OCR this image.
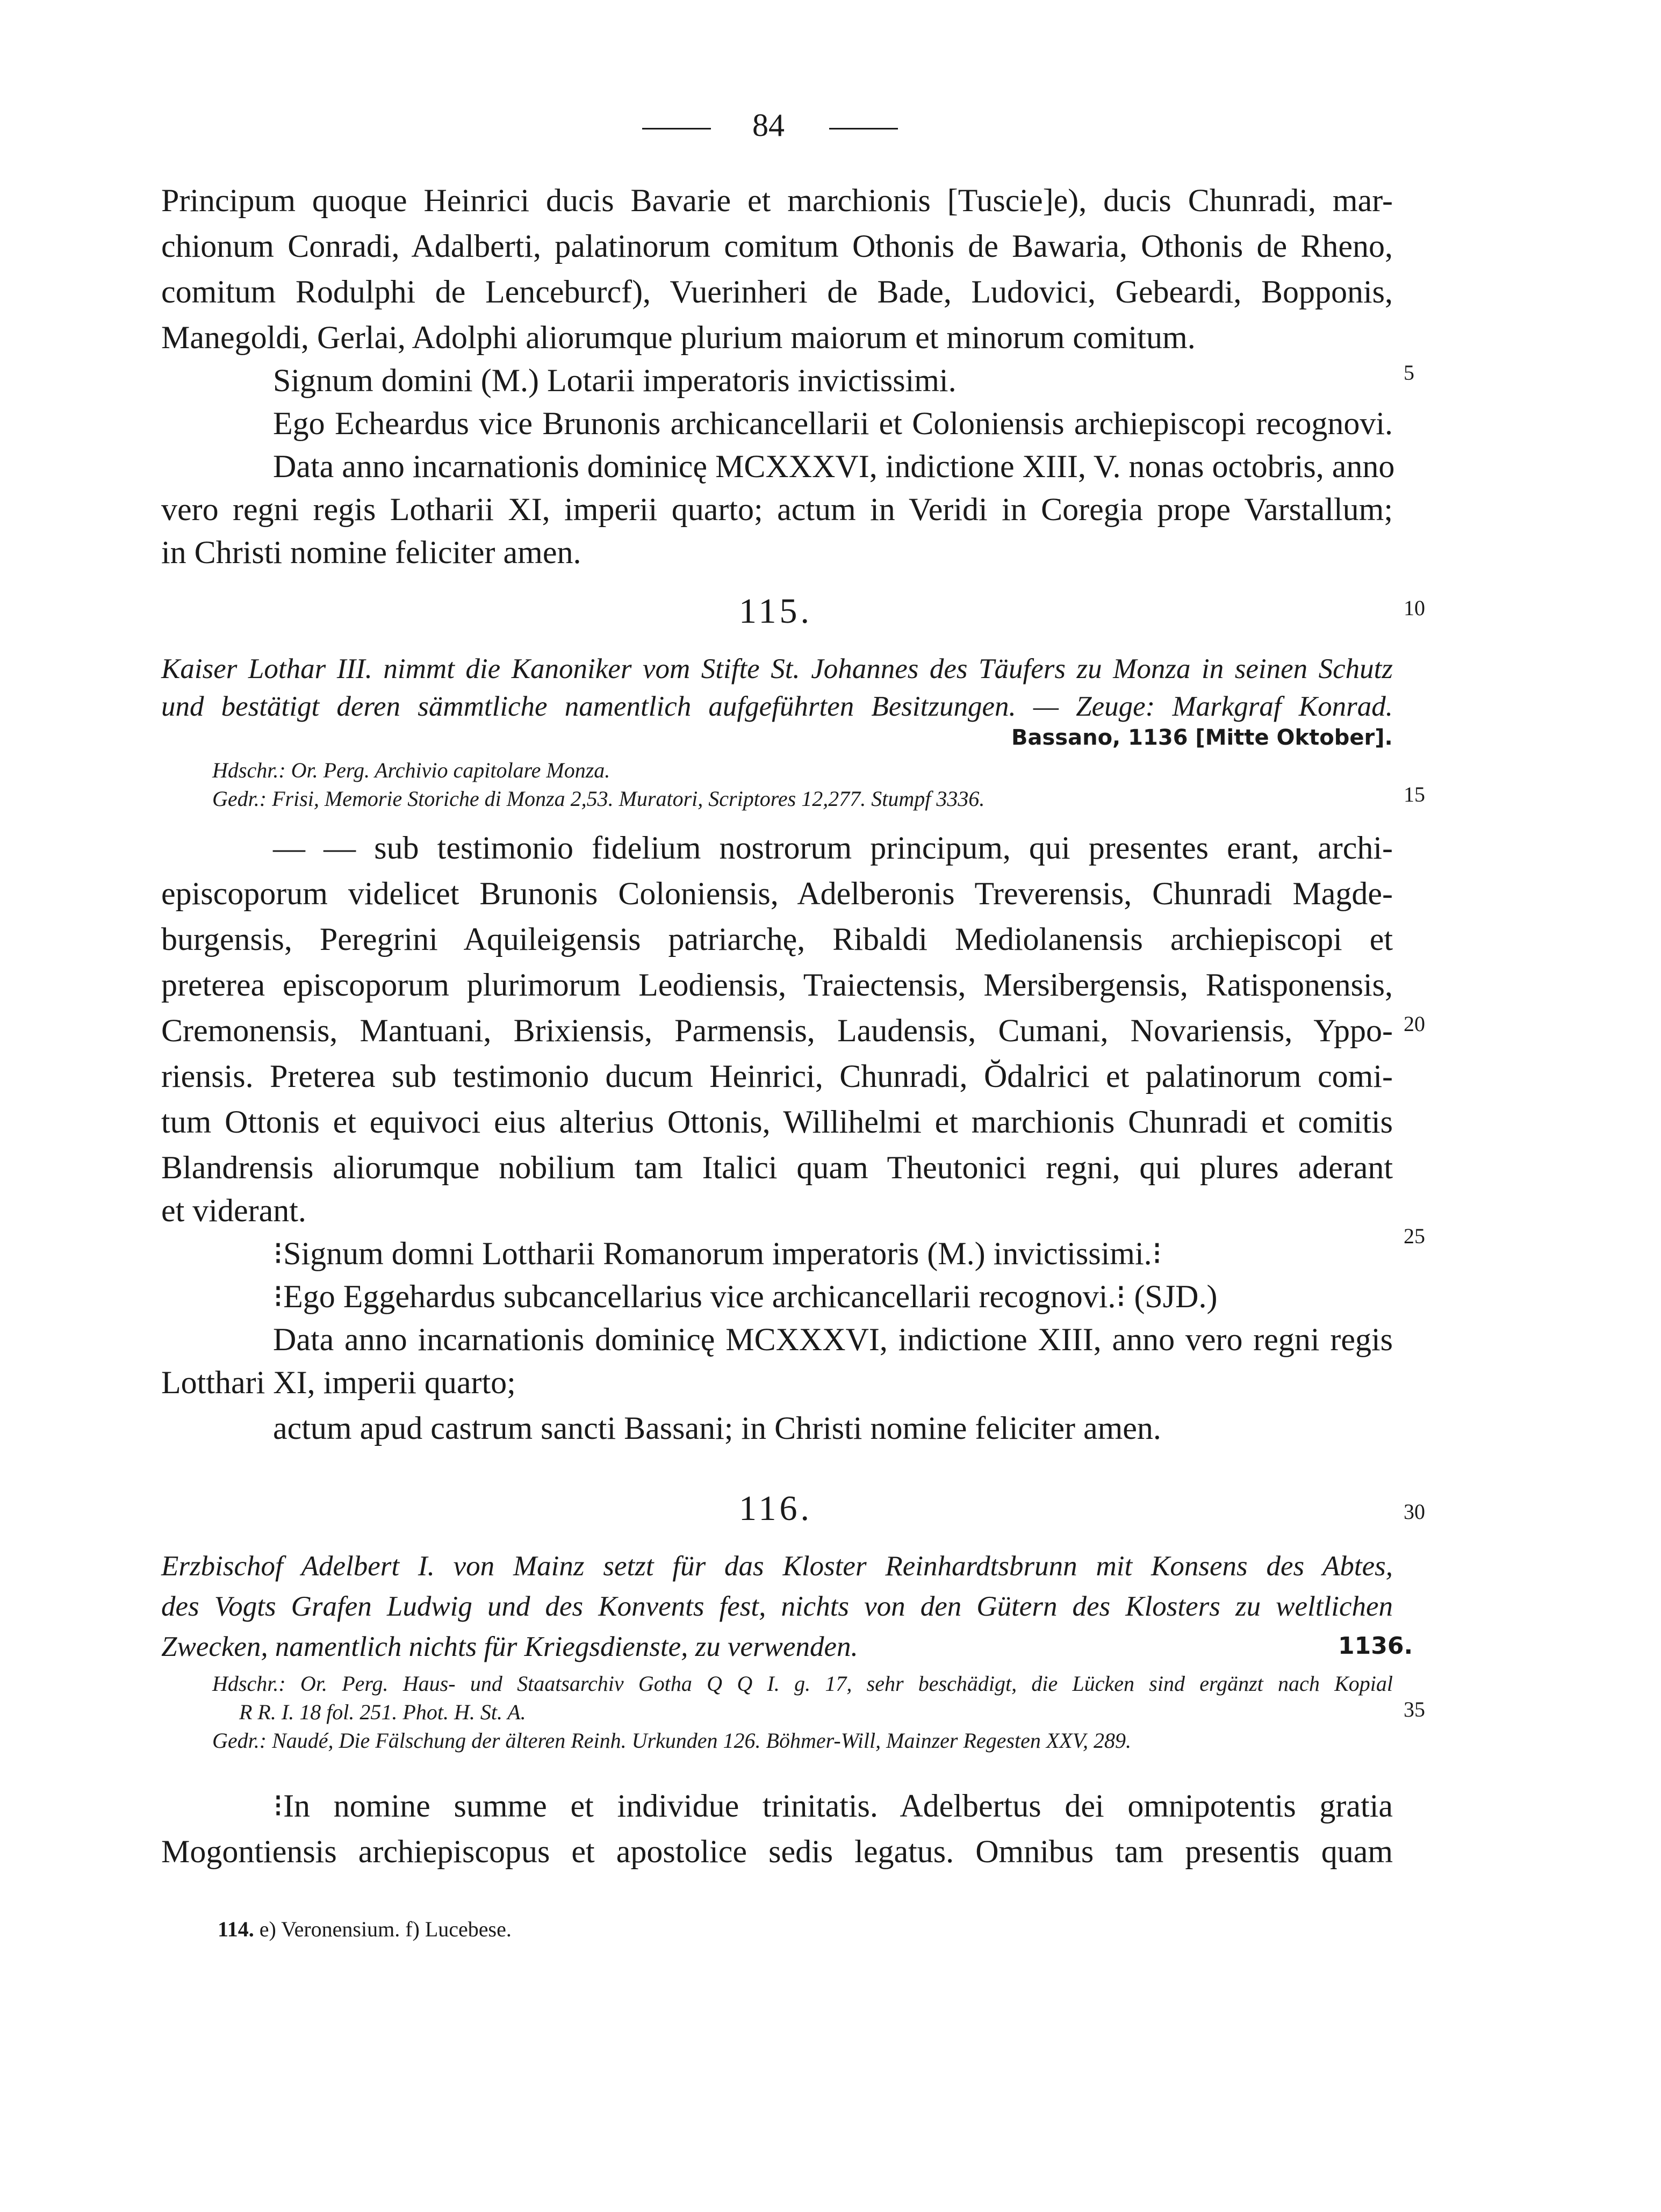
84
Principum quoque Heinrici ducis Bavarie et marchionis [Tuscie]e), ducis Chunradi, mar-
chionum Conradi, Adalberti, palatinorum comitum Othonis de Bawaria, Othonis de Rheno,
comitum Rodulphi de Lenceburcf), Vuerinheri de Bade, Ludovici, Gebeardi, Bopponis,
Manegoldi, Gerlai, Adolphi aliorumque plurium maiorum et minorum comitum.
Signum domini (M.) Lotarii imperatoris invictissimi.
Ego Echeardus vice Brunonis archicancellarii et Coloniensis archiepiscopi recognovi.
Data anno incarnationis dominicę MCXXXVI, indictione XIII, V. nonas octobris, anno
vero regni regis Lotharii XI, imperii quarto; actum in Veridi in Coregia prope Varstallum;
in Christi nomine feliciter amen.
115.
Kaiser Lothar III. nimmt die Kanoniker vom Stifte St. Johannes des Täufers zu Monza in seinen Schutz
und bestätigt deren sämmtliche namentlich aufgeführten Besitzungen. — Zeuge: Markgraf Konrad.
Bassano, 1136 [Mitte Oktober].
Hdschr.: Or. Perg. Archivio capitolare Monza.
Gedr.: Frisi, Memorie Storiche di Monza 2,53. Muratori, Scriptores 12,277. Stumpf 3336.
— — sub testimonio fidelium nostrorum principum, qui presentes erant, archi-
episcoporum videlicet Brunonis Coloniensis, Adelberonis Treverensis, Chunradi Magde-
burgensis, Peregrini Aquileigensis patriarchę, Ribaldi Mediolanensis archiepiscopi et
preterea episcoporum plurimorum Leodiensis, Traiectensis, Mersibergensis, Ratisponensis,
Cremonensis, Mantuani, Brixiensis, Parmensis, Laudensis, Cumani, Novariensis, Yppo-
riensis. Preterea sub testimonio ducum Heinrici, Chunradi, Ŏdalrici et palatinorum comi-
tum Ottonis et equivoci eius alterius Ottonis, Willihelmi et marchionis Chunradi et comitis
Blandrensis aliorumque nobilium tam Italici quam Theutonici regni, qui plures aderant
et viderant.
⁝Signum domni Lottharii Romanorum imperatoris (M.) invictissimi.⁝
⁝Ego Eggehardus subcancellarius vice archicancellarii recognovi.⁝ (SJD.)
Data anno incarnationis dominicę MCXXXVI, indictione XIII, anno vero regni regis
Lotthari XI, imperii quarto;
actum apud castrum sancti Bassani; in Christi nomine feliciter amen.
116.
Erzbischof Adelbert I. von Mainz setzt für das Kloster Reinhardtsbrunn mit Konsens des Abtes,
des Vogts Grafen Ludwig und des Konvents fest, nichts von den Gütern des Klosters zu weltlichen
Zwecken, namentlich nichts für Kriegsdienste, zu verwenden.	1136.
Hdschr.: Or. Perg. Haus- und Staatsarchiv Gotha Q Q I. g. 17, sehr beschädigt, die Lücken sind ergänzt nach Kopial
R R. I. 18 fol. 251. Phot. H. St. A.
Gedr.: Naudé, Die Fälschung der älteren Reinh. Urkunden 126. Böhmer-Will, Mainzer Regesten XXV, 289.
⁝In nomine summe et individue trinitatis. Adelbertus dei omnipotentis gratia
Mogontiensis archiepiscopus et apostolice sedis legatus. Omnibus tam presentis quam
114. e) Veronensium. f) Lucebese.
5
10
15
20
25
30
35
